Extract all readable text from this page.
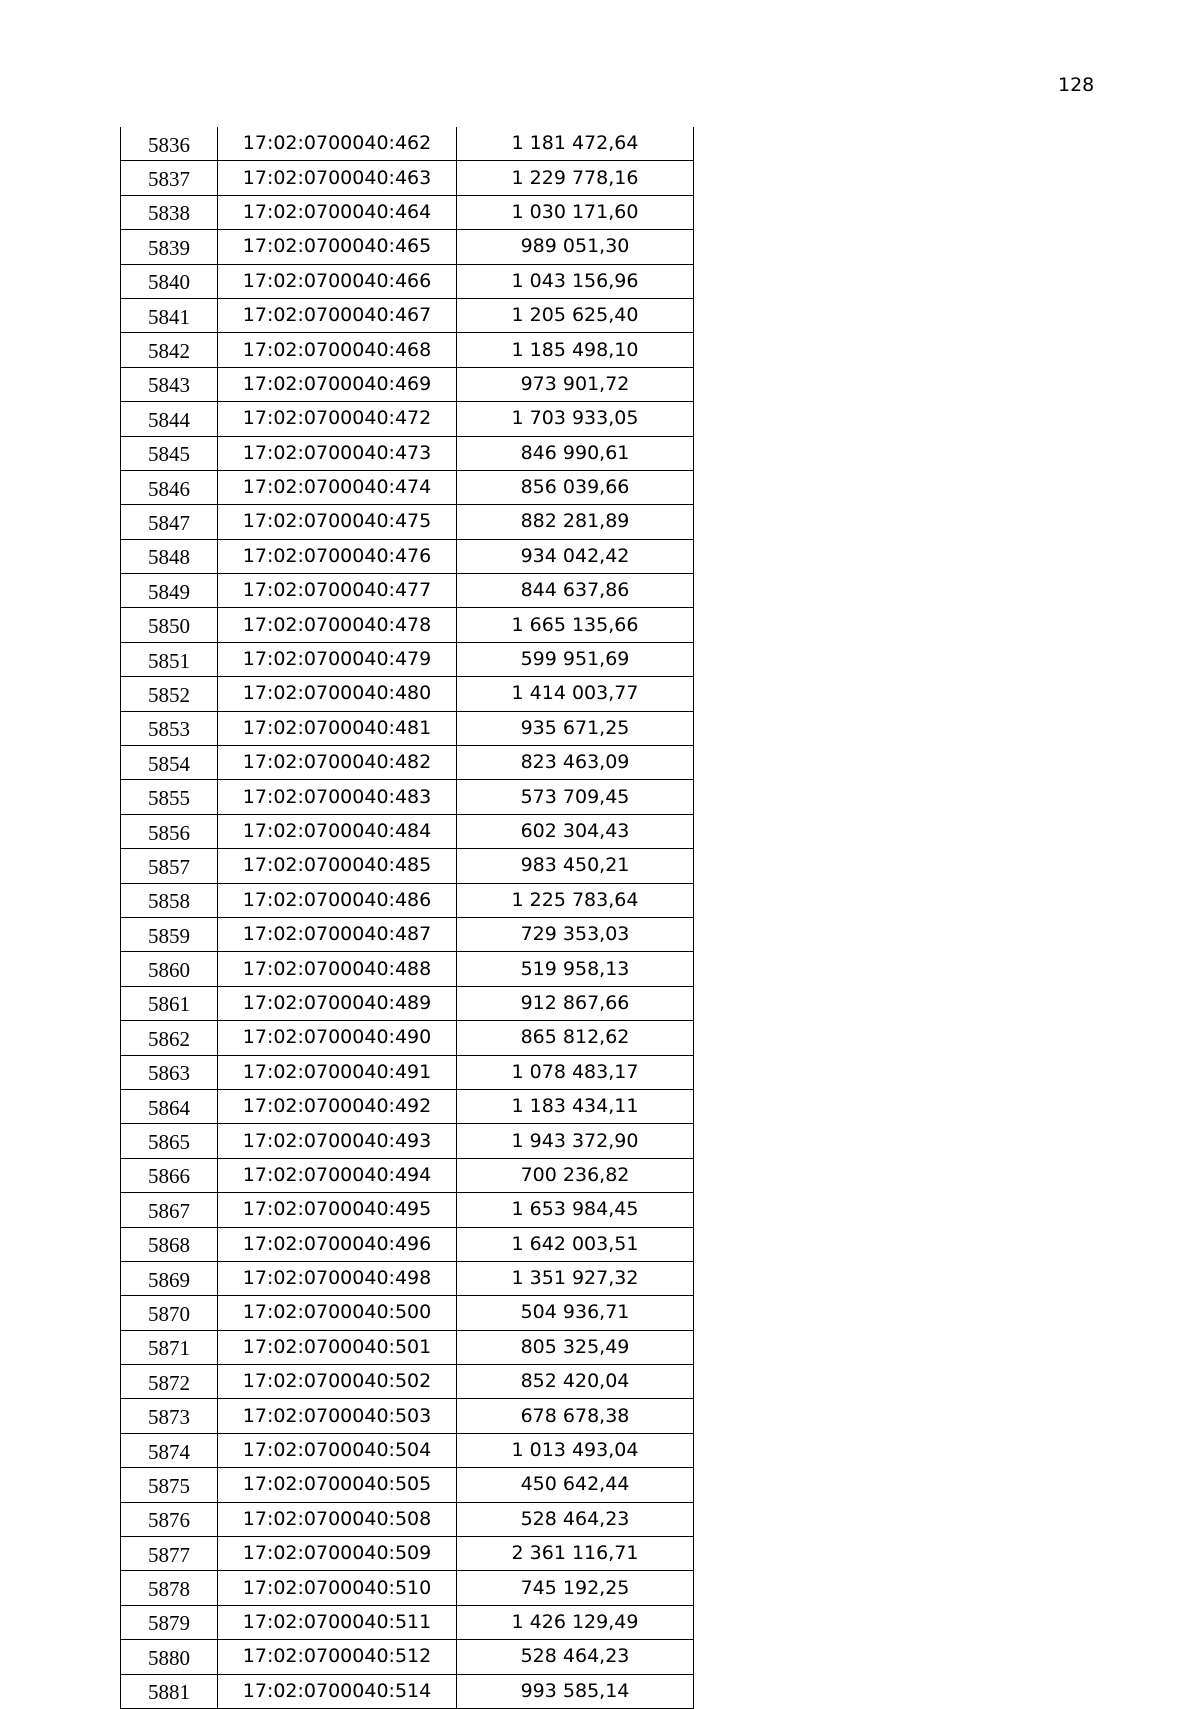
128
5836	17:02:0700040:462	1 181 472,64
5837	17:02:0700040:463	1 229 778,16
5838	17:02:0700040:464	1 030 171,60
5839	17:02:0700040:465	989 051,30
5840	17:02:0700040:466	1 043 156,96
5841	17:02:0700040:467	1 205 625,40
5842	17:02:0700040:468	1 185 498,10
5843	17:02:0700040:469	973 901,72
5844	17:02:0700040:472	1 703 933,05
5845	17:02:0700040:473	846 990,61
5846	17:02:0700040:474	856 039,66
5847	17:02:0700040:475	882 281,89
5848	17:02:0700040:476	934 042,42
5849	17:02:0700040:477	844 637,86
5850	17:02:0700040:478	1 665 135,66
5851	17:02:0700040:479	599 951,69
5852	17:02:0700040:480	1 414 003,77
5853	17:02:0700040:481	935 671,25
5854	17:02:0700040:482	823 463,09
5855	17:02:0700040:483	573 709,45
5856	17:02:0700040:484	602 304,43
5857	17:02:0700040:485	983 450,21
5858	17:02:0700040:486	1 225 783,64
5859	17:02:0700040:487	729 353,03
5860	17:02:0700040:488	519 958,13
5861	17:02:0700040:489	912 867,66
5862	17:02:0700040:490	865 812,62
5863	17:02:0700040:491	1 078 483,17
5864	17:02:0700040:492	1 183 434,11
5865	17:02:0700040:493	1 943 372,90
5866	17:02:0700040:494	700 236,82
5867	17:02:0700040:495	1 653 984,45
5868	17:02:0700040:496	1 642 003,51
5869	17:02:0700040:498	1 351 927,32
5870	17:02:0700040:500	504 936,71
5871	17:02:0700040:501	805 325,49
5872	17:02:0700040:502	852 420,04
5873	17:02:0700040:503	678 678,38
5874	17:02:0700040:504	1 013 493,04
5875	17:02:0700040:505	450 642,44
5876	17:02:0700040:508	528 464,23
5877	17:02:0700040:509	2 361 116,71
5878	17:02:0700040:510	745 192,25
5879	17:02:0700040:511	1 426 129,49
5880	17:02:0700040:512	528 464,23
5881	17:02:0700040:514	993 585,14
